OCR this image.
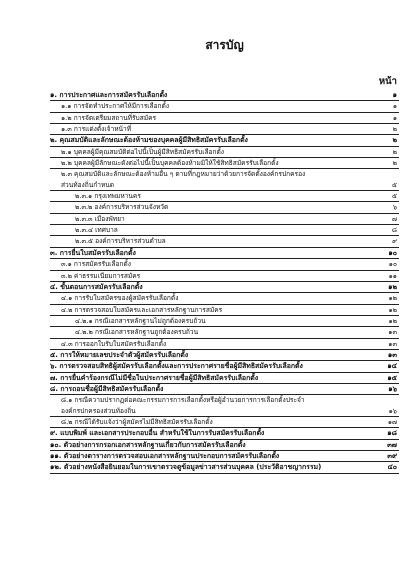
สารบัญ
หน้า
๑. การประกาศและการสมัครรับเลือกตั้ง	๑
๑.๑ การจัดทำประกาศให้มีการเลือกตั้ง	๑
๑.๒ การจัดเตรียมสถานที่รับสมัคร	๑
๑.๓ การแต่งตั้งเจ้าหน้าที่	๒
๒. คุณสมบัติและลักษณะต้องห้ามของบุคคลผู้มีสิทธิสมัครรับเลือกตั้ง	๒
๒.๑ บุคคลผู้มีคุณสมบัติต่อไปนี้เป็นผู้มีสิทธิสมัครรับเลือกตั้ง	๒
๒.๒ บุคคลผู้มีลักษณะดังต่อไปนี้เป็นบุคคลต้องห้ามมิให้ใช้สิทธิสมัครรับเลือกตั้ง	๒
๒.๓ คุณสมบัติและลักษณะต้องห้ามอื่น ๆ ตามที่กฎหมายว่าด้วยการจัดตั้งองค์กรปกครอง
ส่วนท้องถิ่นกำหนด	๕
๒.๓.๑ กรุงเทพมหานคร	๕
๒.๓.๒ องค์การบริหารส่วนจังหวัด	๖
๒.๓.๓ เมืองพัทยา	๗
๒.๓.๔ เทศบาล	๘
๒.๓.๕ องค์การบริหารส่วนตำบล	๙
๓. การยื่นใบสมัครรับเลือกตั้ง	๑๐
๓.๑ การสมัครรับเลือกตั้ง	๑๐
๓.๒ ค่าธรรมเนียมการสมัคร	๑๑
๔. ขั้นตอนการสมัครรับเลือกตั้ง	๑๒
๔.๑ การรับใบสมัครของผู้สมัครรับเลือกตั้ง	๑๒
๔.๒ การตรวจสอบใบสมัครและเอกสารหลักฐานการสมัคร	๑๒
๔.๒.๑ กรณีเอกสารหลักฐานไม่ถูกต้องครบถ้วน	๑๒
๔.๒.๒ กรณีเอกสารหลักฐานถูกต้องครบถ้วน	๑๓
๔.๓ การออกใบรับใบสมัครรับเลือกตั้ง	๑๓
๕. การให้หมายเลขประจำตัวผู้สมัครรับเลือกตั้ง	๑๓
๖. การตรวจสอบสิทธิผู้สมัครรับเลือกตั้งและการประกาศรายชื่อผู้มีสิทธิสมัครรับเลือกตั้ง	๑๔
๗. การยื่นคำร้องกรณีไม่มีชื่อในประกาศรายชื่อผู้มีสิทธิสมัครรับเลือกตั้ง	๑๕
๘. การถอนชื่อผู้มีสิทธิสมัครรับเลือกตั้ง	๑๖
๘.๑ กรณีความปรากฏต่อคณะกรรมการการเลือกตั้งหรือผู้อำนวยการการเลือกตั้งประจำ
องค์กรปกครองส่วนท้องถิ่น	๑๖
๘.๒ กรณีได้รับแจ้งว่าผู้สมัครไม่มีสิทธิสมัครรับเลือกตั้ง	๑๗
๙. แบบพิมพ์ และเอกสารประกอบอื่น สำหรับใช้ในการรับสมัครรับเลือกตั้ง	๑๘
๑๐. ตัวอย่างการกรอกเอกสารหลักฐานเกี่ยวกับการสมัครรับเลือกตั้ง	๓๗
๑๑. ตัวอย่างตารางการตรวจสอบเอกสารหลักฐานประกอบการสมัครรับเลือกตั้ง	๓๙
๑๒. ตัวอย่างหนังสือยินยอมในการเขาตรวจดูข้อมูลข่าวสารส่วนบุคคล (ประวัติอาชญากรรม)	๔๐
